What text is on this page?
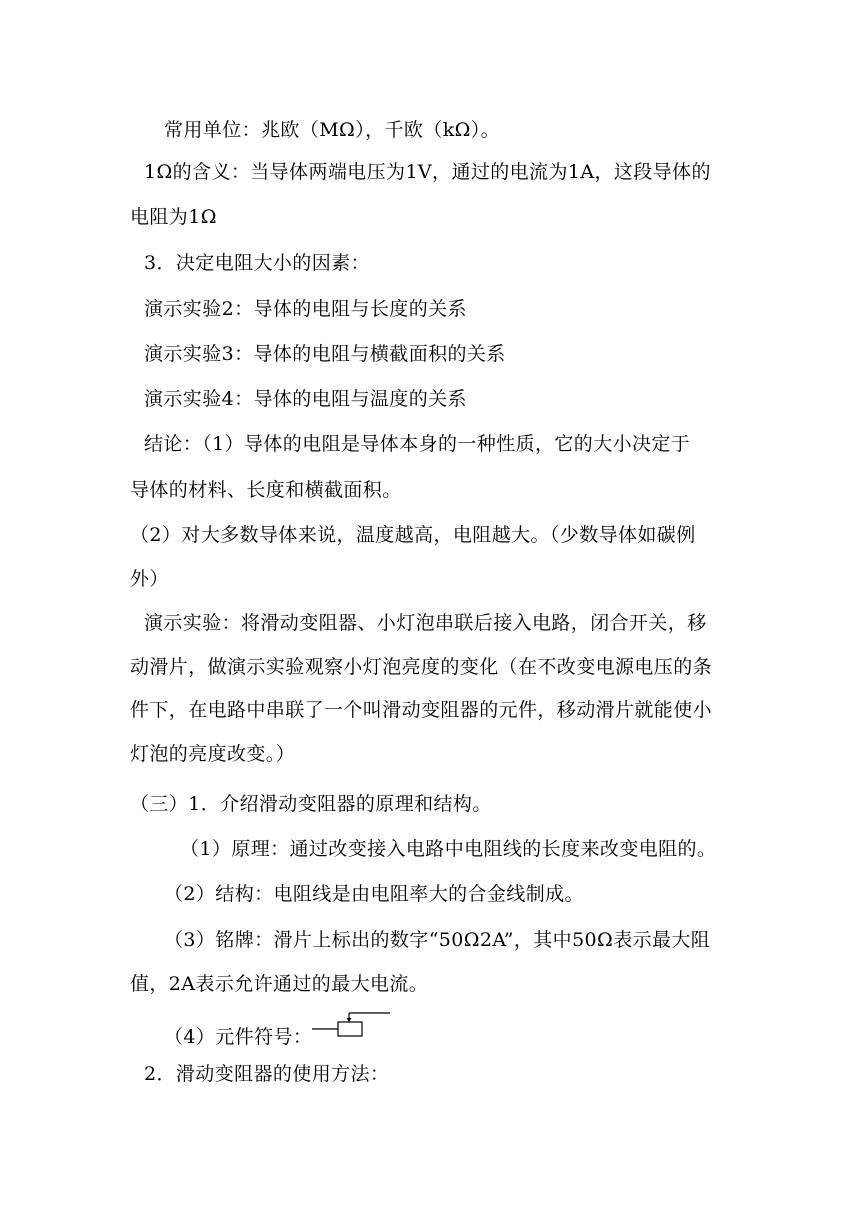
常用单位：兆欧（MΩ），千欧（kΩ）。
1Ω的含义：当导体两端电压为1V，通过的电流为1A，这段导体的
电阻为1Ω
3．决定电阻大小的因素：
演示实验2：导体的电阻与长度的关系
演示实验3：导体的电阻与横截面积的关系
演示实验4：导体的电阻与温度的关系
结论：（1）导体的电阻是导体本身的一种性质，它的大小决定于
导体的材料、长度和横截面积。
（2）对大多数导体来说，温度越高，电阻越大。（少数导体如碳例
外）
演示实验：将滑动变阻器、小灯泡串联后接入电路，闭合开关，移
动滑片，做演示实验观察小灯泡亮度的变化（在不改变电源电压的条
件下，在电路中串联了一个叫滑动变阻器的元件，移动滑片就能使小
灯泡的亮度改变。）
（三）1．介绍滑动变阻器的原理和结构。
（1）原理：通过改变接入电路中电阻线的长度来改变电阻的。
（2）结构：电阻线是由电阻率大的合金线制成。
（3）铭牌：滑片上标出的数字“50Ω2A”，其中50Ω表示最大阻
值，2A表示允许通过的最大电流。
（4）元件符号：
2．滑动变阻器的使用方法：
